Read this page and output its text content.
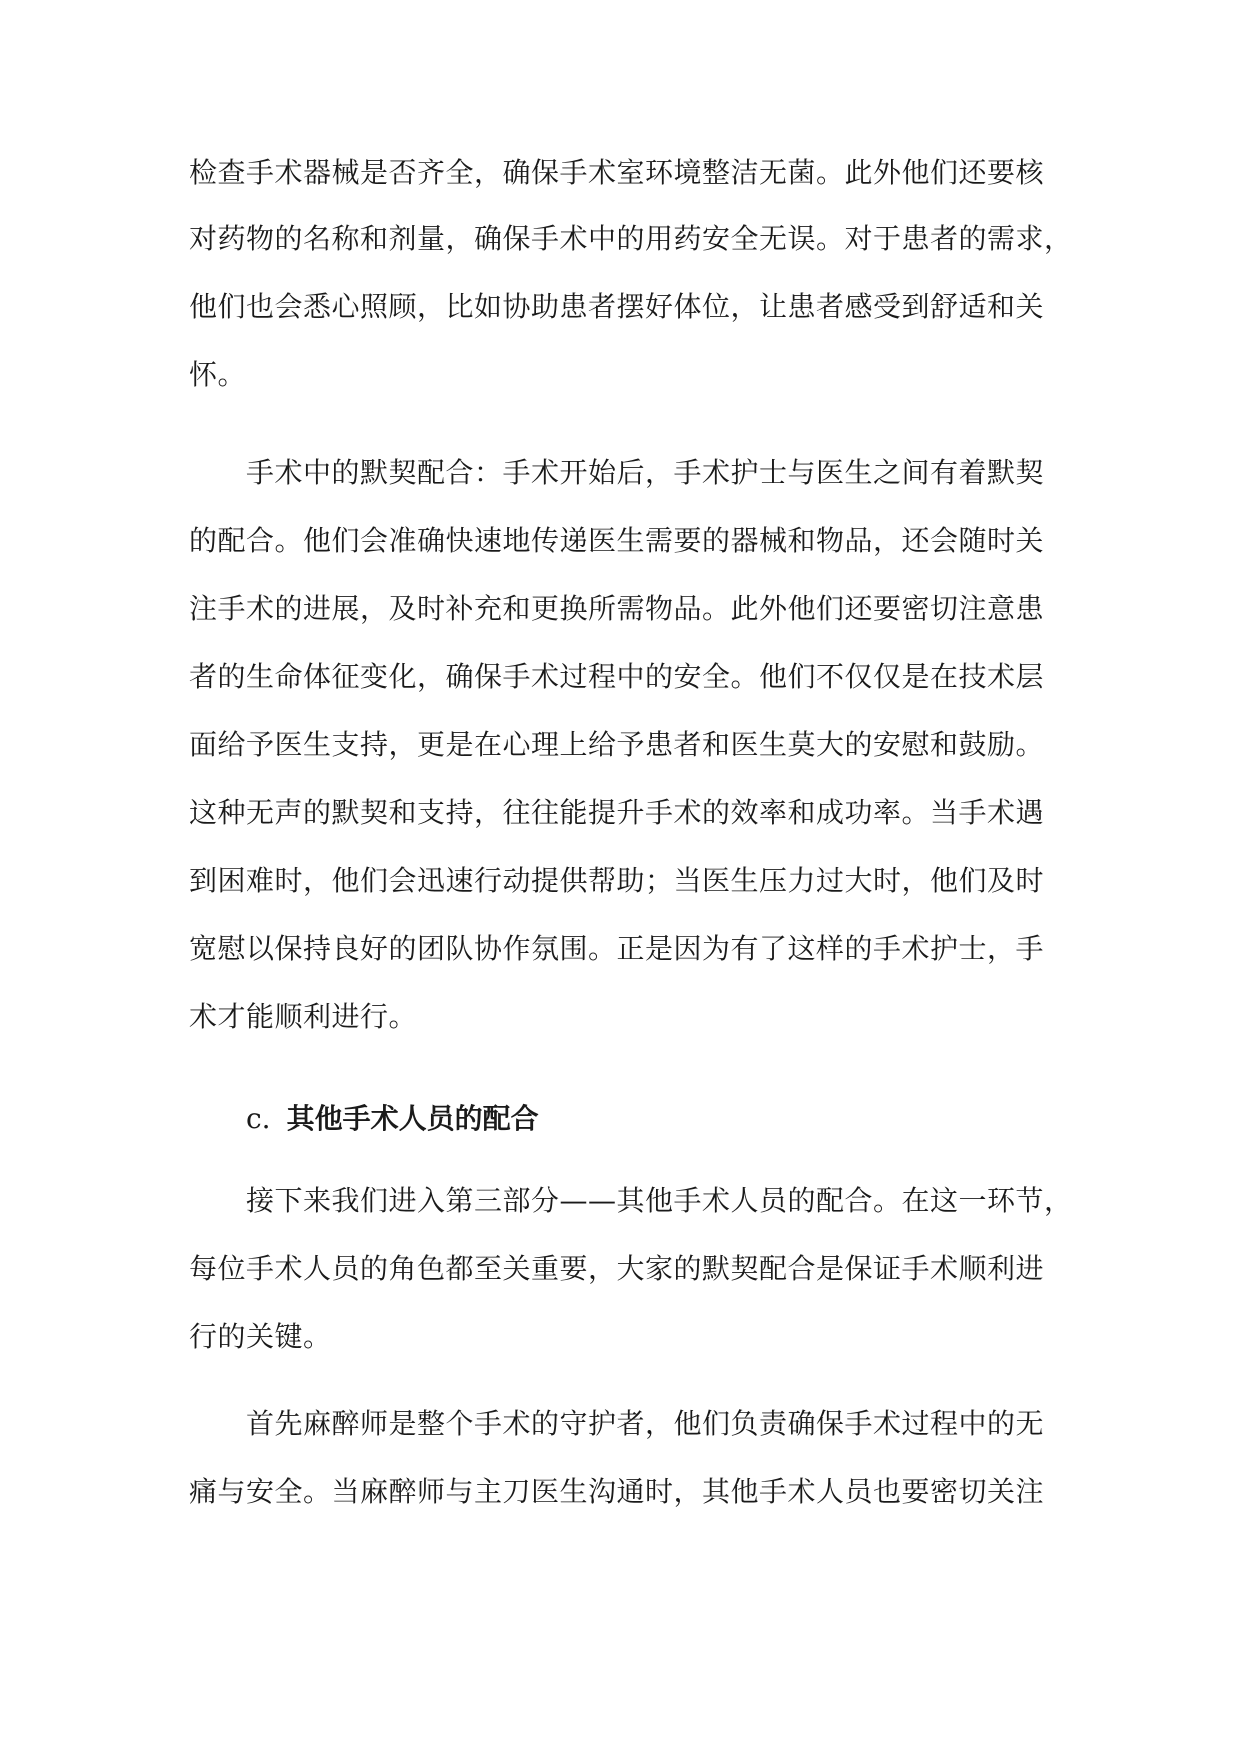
检查手术器械是否齐全，确保手术室环境整洁无菌。此外他们还要核
对药物的名称和剂量，确保手术中的用药安全无误。对于患者的需求，
他们也会悉心照顾，比如协助患者摆好体位，让患者感受到舒适和关
怀。
手术中的默契配合：手术开始后，手术护士与医生之间有着默契
的配合。他们会准确快速地传递医生需要的器械和物品，还会随时关
注手术的进展，及时补充和更换所需物品。此外他们还要密切注意患
者的生命体征变化，确保手术过程中的安全。他们不仅仅是在技术层
面给予医生支持，更是在心理上给予患者和医生莫大的安慰和鼓励。
这种无声的默契和支持，往往能提升手术的效率和成功率。当手术遇
到困难时，他们会迅速行动提供帮助；当医生压力过大时，他们及时
宽慰以保持良好的团队协作氛围。正是因为有了这样的手术护士，手
术才能顺利进行。
c. 其他手术人员的配合
接下来我们进入第三部分——其他手术人员的配合。在这一环节，
每位手术人员的角色都至关重要，大家的默契配合是保证手术顺利进
行的关键。
首先麻醉师是整个手术的守护者，他们负责确保手术过程中的无
痛与安全。当麻醉师与主刀医生沟通时，其他手术人员也要密切关注
